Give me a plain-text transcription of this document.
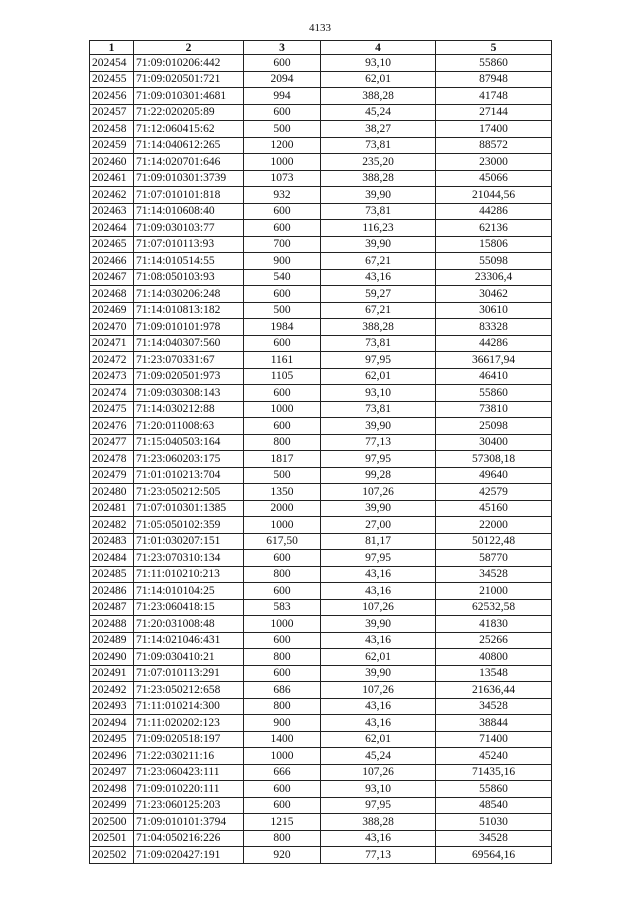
4133
1	2	3	4	5
202454	71:09:010206:442	600	93,10	55860
202455	71:09:020501:721	2094	62,01	87948
202456	71:09:010301:4681	994	388,28	41748
202457	71:22:020205:89	600	45,24	27144
202458	71:12:060415:62	500	38,27	17400
202459	71:14:040612:265	1200	73,81	88572
202460	71:14:020701:646	1000	235,20	23000
202461	71:09:010301:3739	1073	388,28	45066
202462	71:07:010101:818	932	39,90	21044,56
202463	71:14:010608:40	600	73,81	44286
202464	71:09:030103:77	600	116,23	62136
202465	71:07:010113:93	700	39,90	15806
202466	71:14:010514:55	900	67,21	55098
202467	71:08:050103:93	540	43,16	23306,4
202468	71:14:030206:248	600	59,27	30462
202469	71:14:010813:182	500	67,21	30610
202470	71:09:010101:978	1984	388,28	83328
202471	71:14:040307:560	600	73,81	44286
202472	71:23:070331:67	1161	97,95	36617,94
202473	71:09:020501:973	1105	62,01	46410
202474	71:09:030308:143	600	93,10	55860
202475	71:14:030212:88	1000	73,81	73810
202476	71:20:011008:63	600	39,90	25098
202477	71:15:040503:164	800	77,13	30400
202478	71:23:060203:175	1817	97,95	57308,18
202479	71:01:010213:704	500	99,28	49640
202480	71:23:050212:505	1350	107,26	42579
202481	71:07:010301:1385	2000	39,90	45160
202482	71:05:050102:359	1000	27,00	22000
202483	71:01:030207:151	617,50	81,17	50122,48
202484	71:23:070310:134	600	97,95	58770
202485	71:11:010210:213	800	43,16	34528
202486	71:14:010104:25	600	43,16	21000
202487	71:23:060418:15	583	107,26	62532,58
202488	71:20:031008:48	1000	39,90	41830
202489	71:14:021046:431	600	43,16	25266
202490	71:09:030410:21	800	62,01	40800
202491	71:07:010113:291	600	39,90	13548
202492	71:23:050212:658	686	107,26	21636,44
202493	71:11:010214:300	800	43,16	34528
202494	71:11:020202:123	900	43,16	38844
202495	71:09:020518:197	1400	62,01	71400
202496	71:22:030211:16	1000	45,24	45240
202497	71:23:060423:111	666	107,26	71435,16
202498	71:09:010220:111	600	93,10	55860
202499	71:23:060125:203	600	97,95	48540
202500	71:09:010101:3794	1215	388,28	51030
202501	71:04:050216:226	800	43,16	34528
202502	71:09:020427:191	920	77,13	69564,16
